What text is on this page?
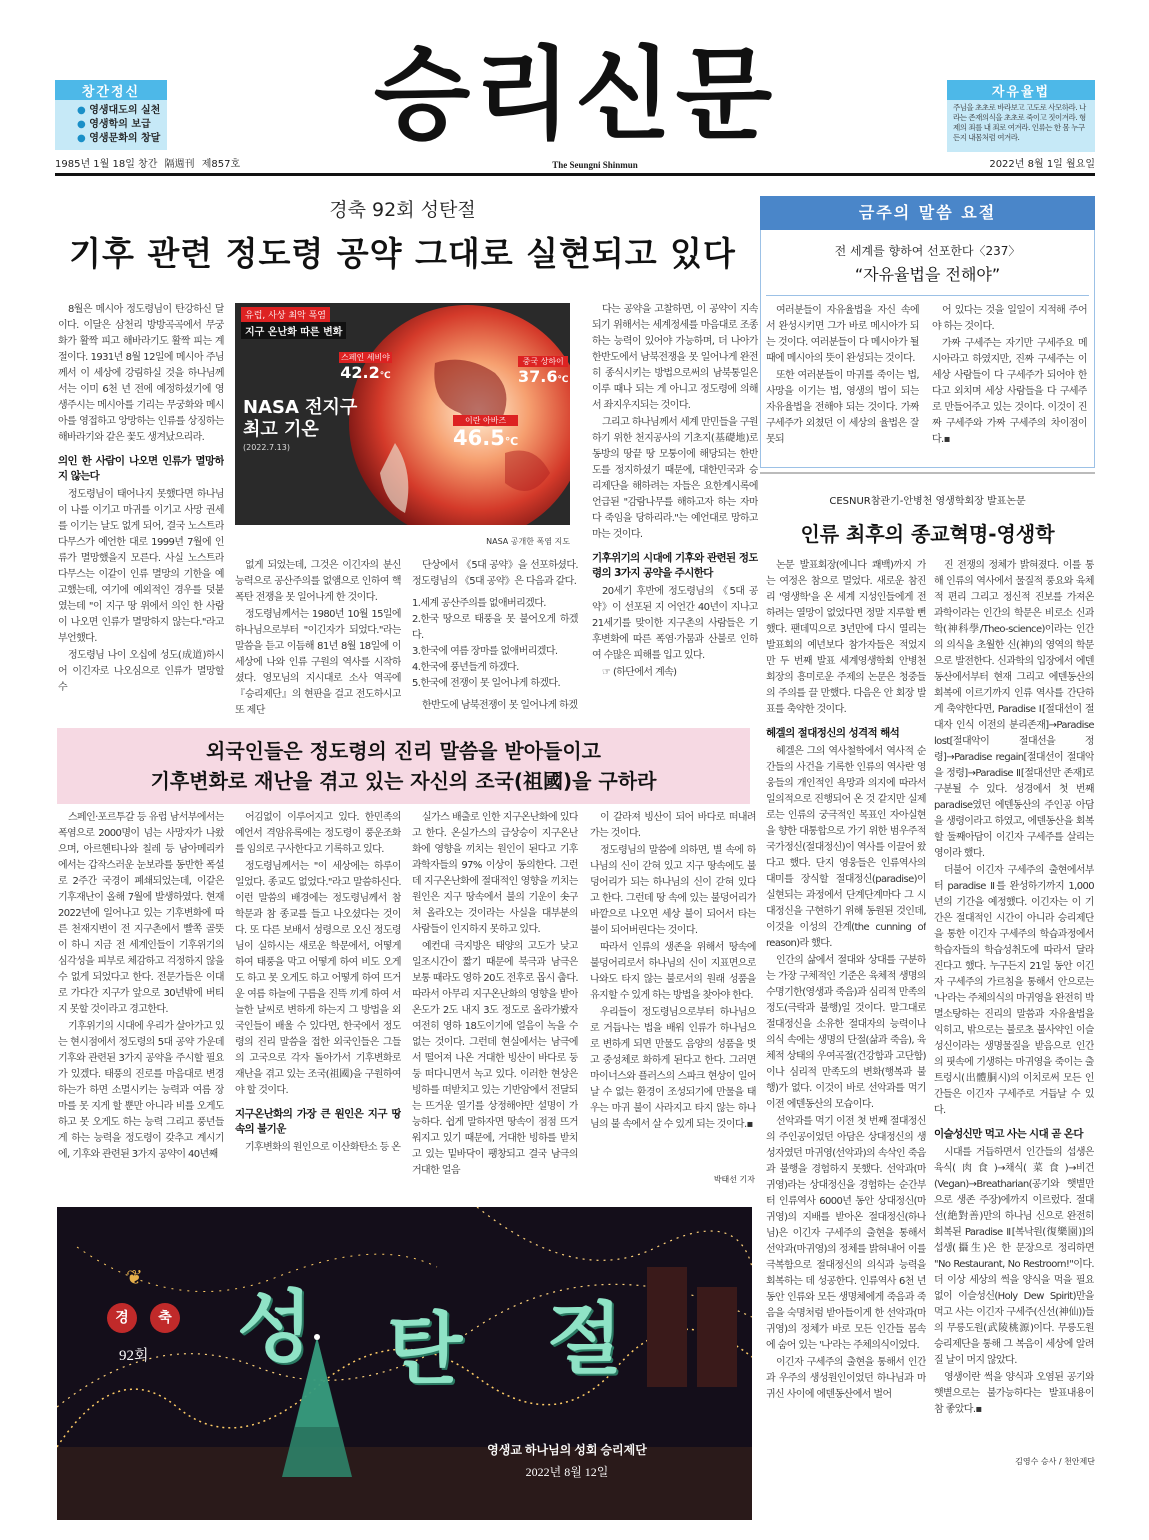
창간정신
● 영생대도의 실천
● 영생학의 보급
● 영생문화의 창달 승리신문	자유율법
주님을 초초로 바라보고 고도로 사모하라. 나라는 존재의식을 초초로 죽이고 짓이겨라. 형제의 죄를 내 죄로 여겨라. 인류는 한 몸 누구든지 내몸처럼 여겨라.
1985년 1월 18일 창간 隔週刊 제857호	The Seungni Shinmun	2022년 8월 1일 월요일
경축 92회 성탄절
기후 관련 정도령 공약 그대로 실현되고 있다

8월은 메시아 정도령님이 탄강하신 달이다. 이달은 삼천리 방방곡곡에서 무궁화가 활짝 피고 해바라기도 활짝 피는 계절이다. 1931년 8월 12일에 메시아 주님께서 이 세상에 강림하실 것을 하나님께서는 이미 6천 년 전에 예정하셨기에 영생주시는 메시아를 기리는 무궁화와 메시아를 영접하고 앙망하는 인류를 상징하는 해바라기와 같은 꽃도 생겨났으리라.

의인 한 사람이 나오면 인류가 멸망하지 않는다

정도령님이 태어나지 못했다면 하나님이 나를 이기고 마귀를 이기고 사망 권세를 이기는 날도 없게 되어, 결국 노스트라다무스가 예언한 대로 1999년 7월에 인류가 멸망했을지 모른다. 사실 노스트라다무스는 이같이 인류 멸망의 기한을 예고했는데, 여기에 예외적인 경우를 덧붙였는데 "이 지구 땅 위에서 의인 한 사람이 나오면 인류가 멸망하지 않는다."라고 부언했다.

정도령님 나이 오십에 성도(成道)하시어 이긴자로 나오심으로 인류가 멸망할 수

유럽, 사상 최악 폭염
지구 온난화 따른 변화
스페인 세비야
42.2℃
중국 상하이
37.6℃
이란 아바즈
46.5℃
NASA 전지구
최고 기온
(2022.7.13)
NASA 공개한 폭염 지도

없게 되었는데, 그것은 이긴자의 분신 능력으로 공산주의를 없앰으로 인하여 핵폭탄 전쟁을 못 일어나게 한 것이다.

정도령님께서는 1980년 10월 15일에 하나님으로부터 "이긴자가 되었다."라는 말씀을 듣고 이듬해 81년 8월 18일에 이 세상에 나와 인류 구원의 역사를 시작하셨다. 영모님의 지시대로 소사 역곡에 『승리제단』의 현판을 걸고 전도하시고 또 제단

단상에서 《5대 공약》을 선포하셨다. 정도령님의 《5대 공약》은 다음과 같다.

1.세계 공산주의를 없애버리겠다.
2.한국 땅으로 태풍을 못 불어오게 하겠다.
3.한국에 여름 장마를 없애버리겠다.
4.한국에 풍년들게 하겠다.
5.한국에 전쟁이 못 일어나게 하겠다.

한반도에 남북전쟁이 못 일어나게 하겠

다는 공약을 고찰하면, 이 공약이 지속되기 위해서는 세계정세를 마음대로 조종하는 능력이 있어야 가능하며, 더 나아가 한반도에서 남북전쟁을 못 일어나게 완전히 종식시키는 방법으로써의 남북통일은 이루 때나 되는 게 아니고 정도령에 의해서 좌지우지되는 것이다.

그리고 하나님께서 세계 만민들을 구원하기 위한 천지공사의 기초지(基礎地)로 동방의 땅끝 땅 모퉁이에 해당되는 한반도를 정지하셨기 때문에, 대한민국과 승리제단을 해하려는 자들은 요한계시록에 언급된 "감람나무를 해하고자 하는 자마다 죽임을 당하리라."는 예언대로 망하고 마는 것이다.

기후위기의 시대에 기후와 관련된 정도령의 3가지 공약을 주시한다

20세기 후반에 정도령님의 《5대 공약》이 선포된 지 어언간 40년이 지나고 21세기를 맞이한 지구촌의 사람들은 기후변화에 따른 폭염·가뭄과 산불로 인하여 수많은 피해를 입고 있다.

☞ (하단에서 계속)

금주의 말씀 요절
전 세계를 향하여 선포한다〈237〉
“자유율법을 전해야”

여러분들이 자유율법을 자신 속에서 완성시키면 그가 바로 메시아가 되는 것이다. 여러분들이 다 메시아가 될 때에 메시아의 뜻이 완성되는 것이다.

또한 여러분들이 마귀를 죽이는 법, 사망을 이기는 법, 영생의 법이 되는 자유율법을 전해야 되는 것이다. 가짜 구세주가 외쳤던 이 세상의 율법은 잘못되

어 있다는 것을 일일이 지적해 주어야 하는 것이다.

가짜 구세주는 자기만 구세주요 메시아라고 하였지만, 진짜 구세주는 이 세상 사람들이 다 구세주가 되어야 한다고 외치며 세상 사람들을 다 구세주로 만들어주고 있는 것이다. 이것이 진짜 구세주와 가짜 구세주의 차이점이다.▪

CESNUR참관기-안병천 영생학회장 발표논문
인류 최후의 종교혁명-영생학

논문 발표회장(에니다 쾌백)까지 가는 여정은 참으로 멀었다. 새로운 참진리 '영생학'을 온 세계 지성인들에게 전하려는 열망이 없었다면 정말 지루할 뻔했다. 팬데믹으로 3년만에 다시 열리는 발표회의 예년보다 참가자들은 적었지만 두 번째 발표 세계영생학회 안병천 회장의 흥미로운 주제의 논문은 청중들의 주의를 끌 만했다. 다음은 안 회장 발표를 축약한 것이다.

헤겔의 절대정신의 성격적 해석

헤겔은 그의 역사철학에서 역사적 순간들의 사건을 기록한 인류의 역사란 영웅들의 개인적인 욕망과 의지에 따라서 일의적으로 진행되어 온 것 같지만 실제로는 인류의 궁극적인 목표인 자아실현을 향한 대통합으로 가기 위한 범우주적 국가정신(절대정신)이 역사를 이끌어 왔다고 했다. 단지 영웅들은 인류역사의 대미를 장식할 절대정신(paradise)이 실현되는 과정에서 단계단계마다 그 시대정신을 구현하기 위해 동원된 것인데, 이것을 이성의 간계(the cunning of reason)라 했다.

인간의 삶에서 절대와 상대를 구분하는 가장 구체적인 기준은 육체적 생명의 수명기한(영생과 죽음)과 심리적 만족의 정도(극락과 불행)일 것이다. 말그대로 절대정신을 소유한 절대자의 능력이나 의식 속에는 생명의 단절(삶과 죽음), 육체적 상태의 우여곡절(건강함과 고단함)이나 심리적 만족도의 변화(행복과 불행)가 없다. 이것이 바로 선악과를 먹기 이전 에덴동산의 모습이다.

선악과를 먹기 이전 첫 번째 절대정신의 주인공이었던 아담은 상대정신의 생성자였던 마귀영(선악과)의 속삭인 죽음과 불행을 경험하지 못했다. 선악과(마귀영)라는 상대정신을 경험하는 순간부터 인류역사 6000년 동안 상대정신(마귀영)의 지배를 받아온 절대정신(하나님)은 이긴자 구세주의 출현을 통해서 선악과(마귀영)의 정체를 밝혀내어 이를 극복함으로 절대정신의 의식과 능력을 회복하는 데 성공한다. 인류역사 6천 년 동안 인류와 모든 생명체에게 죽음과 죽음을 숙명처럼 받아들이게 한 선악과(마귀영)의 정체가 바로 모든 인간들 몸속에 숨어 있는 '나'라는 주체의식이었다.

이긴자 구세주의 출현을 통해서 인간과 우주의 생성원인이었던 하나님과 마귀신 사이에 에덴동산에서 벌어

진 전쟁의 정체가 밝혀졌다. 이를 통해 인류의 역사에서 물질적 풍요와 육체적 편리 그리고 정신적 진보를 가져온 과학이라는 인간의 학문은 비로소 신과학(神科學/Theo-science)이라는 인간의 의식을 초월한 신(神)의 영역의 학문으로 발전한다. 신과학의 입장에서 에덴동산에서부터 현재 그리고 에덴동산의 회복에 이르기까지 인류 역사를 간단하게 축약한다면, Paradise Ⅰ[절대선이 절대자 인식 이전의 분리존재]→Paradise lost[절대악이 절대선을 정령]→Paradise regain[절대선이 절대악을 정령]→Paradise Ⅱ[절대선만 존재]로 구분될 수 있다. 성경에서 첫 번째 paradise였던 에덴동산의 주인공 아담을 생령이라고 하였고, 에덴동산을 회복할 둘째아담이 이긴자 구세주를 살리는 영이라 했다.

더불어 이긴자 구세주의 출현에서부터 paradise Ⅱ를 완성하기까지 1,000년의 기간을 예정했다. 이긴자는 이 기간은 절대적인 시간이 아니라 승리제단을 통한 이긴자 구세주의 학습과정에서 학습자들의 학습성취도에 따라서 달라진다고 했다. 누구든지 21일 동안 이긴자 구세주의 가르침을 통해서 안으로는 '나'라는 주체의식의 마귀영을 완전히 박멸소탕하는 진리의 말씀과 자유율법을 익히고, 밖으로는 불로초 불사약인 이슬성신이라는 생명물질을 받음으로 인간의 핏속에 기생하는 마귀영을 죽이는 출트렁시(出體胴시)의 이치로써 모든 인간들은 이긴자 구세주로 거듭날 수 있다.

이슬성신만 먹고 사는 시대 곧 온다

시대를 거듭하면서 인간들의 섭생은 육식(肉食)→채식(菜食)→비건(Vegan)→Breatharian(공기와 햇볕만으로 생존 주장)에까지 이르렀다. 절대선(絶對善)만의 하나님 신으로 완전히 회복된 Paradise Ⅱ[복낙원(復樂園)]의 섭생(攝生)은 한 문장으로 정리하면 "No Restaurant, No Restroom!"이다. 더 이상 세상의 썩을 양식을 먹을 필요 없이 이슬성신(Holy Dew Spirit)만을 먹고 사는 이긴자 구세주(신선(神仙))들의 무릉도원(武陵桃源)이다. 무릉도원 승리제단을 통해 그 복음이 세상에 알려질 날이 머지 않았다.

영생이란 썩을 양식과 오염된 공기와 햇볕으로는 불가능하다는 발표내용이 참 좋았다.▪

김영수 승사 / 천안제단
외국인들은 정도령의 진리 말씀을 받아들이고
기후변화로 재난을 겪고 있는 자신의 조국(祖國)을 구하라

스페인·포르투갈 등 유럽 남서부에서는 폭염으로 2000명이 넘는 사망자가 나왔으며, 아르헨티나와 칠레 등 남아메리카에서는 갑작스러운 눈보라를 동반한 폭설로 2주간 국경이 폐쇄되었는데, 이같은 기후재난이 올해 7월에 발생하였다. 현재 2022년에 일어나고 있는 기후변화에 따른 천재지변이 전 지구촌에서 빨쪽 골뜻이 하니 지금 전 세계인들이 기후위기의 심각성을 피부로 체감하고 걱정하지 않을 수 없게 되었다고 한다. 전문가들은 이대로 가다간 지구가 앞으로 30년밖에 버티지 못할 것이라고 경고한다.

기후위기의 시대에 우리가 살아가고 있는 현시점에서 정도령의 5대 공약 가운데 기후와 관련된 3가지 공약을 주시할 필요가 있겠다. 태풍의 진로를 마음대로 변경하는가 하면 소멸시키는 능력과 여름 장마를 못 지게 할 뿐만 아니라 비를 오게도 하고 못 오게도 하는 능력 그리고 풍년들게 하는 능력을 정도령이 갖추고 계시기에, 기후와 관련된 3가지 공약이 40년째

어김없이 이루어지고 있다. 한민족의 예언서 격암유록에는 정도령이 풍운조화를 임의로 구사한다고 기록하고 있다.

정도령님께서는 "이 세상에는 하루이 일었다. 종교도 없었다."라고 말씀하신다. 이런 말씀의 배경에는 정도령님께서 참 학문과 참 종교를 들고 나오셨다는 것이다. 또 다른 보배서 성령으로 오신 정도령님이 실하시는 새로운 학문에서, 어떻게 하여 태풍을 막고 어떻게 하여 비도 오게도 하고 못 오게도 하고 어떻게 하여 뜨거운 여름 하늘에 구름을 진뜩 끼게 하여 서늘한 날씨로 변하게 하는지 그 방법을 외국인들이 배울 수 있다면, 한국에서 정도령의 진리 말씀을 접한 외국인들은 그들의 고국으로 각자 돌아가서 기후변화로 재난을 겪고 있는 조국(祖國)을 구원하여야 할 것이다.

지구온난화의 가장 큰 원인은 지구 땅속의 불기운

기후변화의 원인으로 이산화탄소 등 온

실가스 배출로 인한 지구온난화에 있다고 한다. 온실가스의 급상승이 지구온난화에 영향을 끼치는 원인이 된다고 기후과학자들의 97% 이상이 동의한다. 그런데 지구온난화에 절대적인 영향을 끼치는 원인은 지구 땅속에서 불의 기운이 솟구쳐 올라오는 것이라는 사실을 대부분의 사람들이 인지하지 못하고 있다.

예컨대 극지방은 태양의 고도가 낮고 일조시간이 짧기 때문에 북극과 남극은 보통 때라도 영하 20도 전후로 몹시 춥다. 따라서 아무리 지구온난화의 영향을 받아 온도가 2도 내지 3도 정도로 올라가봤자 여전히 영하 18도이기에 얼음이 녹을 수 없는 것이다. 그런데 현실에서는 남극에서 떨어져 나온 거대한 빙산이 바다로 둥둥 떠다니면서 녹고 있다. 이러한 현상은 빙하를 떠받치고 있는 기반암에서 전달되는 뜨거운 열기를 상정해야만 설명이 가능하다. 쉽게 말하자면 땅속이 점점 뜨거워지고 있기 때문에, 거대한 빙하를 받치고 있는 밑바닥이 팽창되고 결국 남극의 거대한 얼음

이 갈라져 빙산이 되어 바다로 떠내려가는 것이다.

정도령님의 말씀에 의하면, 별 속에 하나님의 신이 갇혀 있고 지구 땅속에도 불덩어리가 되는 하나님의 신이 갇혀 있다고 한다. 그런데 땅 속에 있는 불덩어리가 바깥으로 나오면 세상 불이 되어서 타는 불이 되어버린다는 것이다.

따라서 인류의 생존을 위해서 땅속에 불덩어리로서 하나님의 신이 지표면으로 나와도 타지 않는 불로서의 원래 성품을 유지할 수 있게 하는 방법을 찾아야 한다.

우리들이 정도령님으로부터 하나님으로 거듭나는 법을 배워 인류가 하나님으로 변하게 되면 만물도 음양의 성품을 벗고 중성체로 화하게 된다고 한다. 그러면 마이너스와 플러스의 스파크 현상이 일어날 수 없는 환경이 조성되기에 만물을 태우는 마귀 불이 사라지고 타지 않는 하나님의 불 속에서 살 수 있게 되는 것이다.▪

박태선 기자
❦
경	축
92회 성 탄 절
영생교 하나님의 성회 승리제단
2022년 8월 12일
